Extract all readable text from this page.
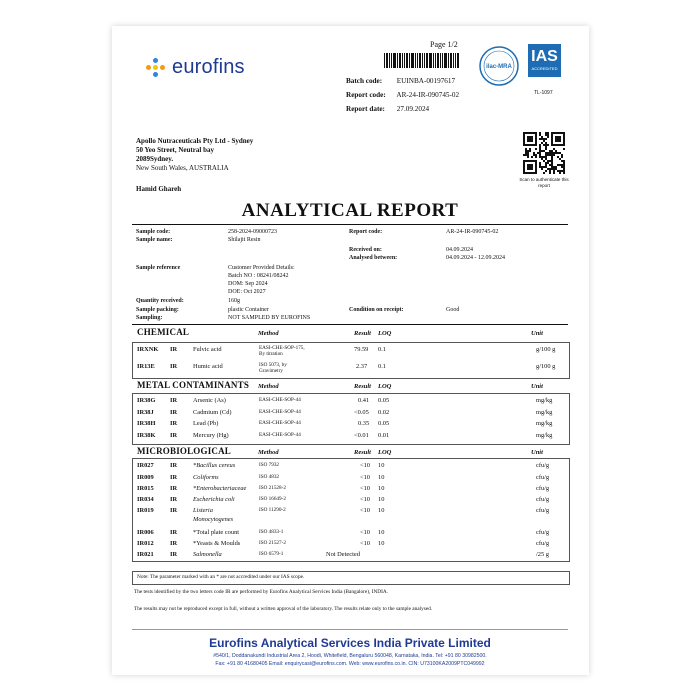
eurofins
Page 1/2
Batch code: EUINBA-00197617
Report code: AR-24-IR-090745-02
Report date: 27.09.2024
ilac-MRA
IAS
ACCREDITED
TL-1097
Apollo Nutraceuticals Pty Ltd - Sydney
50 Yeo Street, Neutral bay
2089Sydney.
New South Wales, AUSTRALIA
Hamid Ghareh
Scan to authenticate this report
ANALYTICAL REPORT
Sample code:	258-2024-09000723
Sample name:	Shilajit Resin
Report code:	AR-24-IR-090745-02
Received on:	04.09.2024
Analysed between:	04.09.2024 - 12.09.2024
Sample reference	Customer Provided Details:
Batch NO : 08241/08242
DOM: Sep 2024
DOE: Oct 2027
Quantity received:	160g
Sample packing:	plastic Container	Condition on receipt:	Good
Sampling:	NOT SAMPLED BY EUROFINS
CHEMICAL	Method	Result LOQ	Unit
IRXNK IR Fulvic acid	EASI-CHE-SOP-175,
By titration
79.59 0.1	g/100 g
IR13E IR Humic acid	ISO 5073, by
Gravimetry
2.37 0.1	g/100 g
METAL CONTAMINANTS Method	Result LOQ	Unit
IR38G IR Arsenic (As)	EASI-CHE-SOP-44	0.41 0.05	mg/kg
IR38J	IR Cadmium (Cd)	EASI-CHE-SOP-44	<0.05 0.02	mg/kg
IR38H IR Lead (Pb)	EASI-CHE-SOP-44	0.35 0.05	mg/kg
IR38K IR Mercury (Hg)	EASI-CHE-SOP-44	<0.01 0.01	mg/kg
MICROBIOLOGICAL	Method	Result LOQ	Unit
IR027	IR *Bacillus cereus	ISO 7932	<10 10	cfu/g
IR009	IR Coliforms	ISO 4832	<10 10	cfu/g
IR015	IR *Enterobacteriaceae ISO 21528-2	<10 10	cfu/g
IR034	IR Escherichia coli	ISO 16649-2	<10 10	cfu/g
IR019	IR Listeria
Monocytogenes
ISO 11290-2	<10 10	cfu/g
IR006	IR *Total plate count	ISO 4833-1	<10 10	cfu/g
IR012	IR *Yeasts & Moulds	ISO 21527-2	<10 10	cfu/g
IR021	IR Salmonella	ISO 6579-1	Not Detected	/25 g
Note: The parameter marked with an * are not accredited under our IAS scope.
The tests identified by the two letters code IR are performed by Eurofins Analytical Services India (Bangalore), INDIA.
The results may not be reproduced except in full, without a written approval of the laboratory. The results relate only to the sample analysed.
Eurofins Analytical Services India Private Limited
#540/1, Doddanakundi Industrial Area 2, Hoodi, Whitefield, Bengaluru 560048, Karnataka, India. Tel: +91 80 30982500.
Fax: +91 80 41680405 Email: enquirycasi@eurofins.com. Web: www.eurofins.co.in. CIN: U73100KA2009PTC049992
